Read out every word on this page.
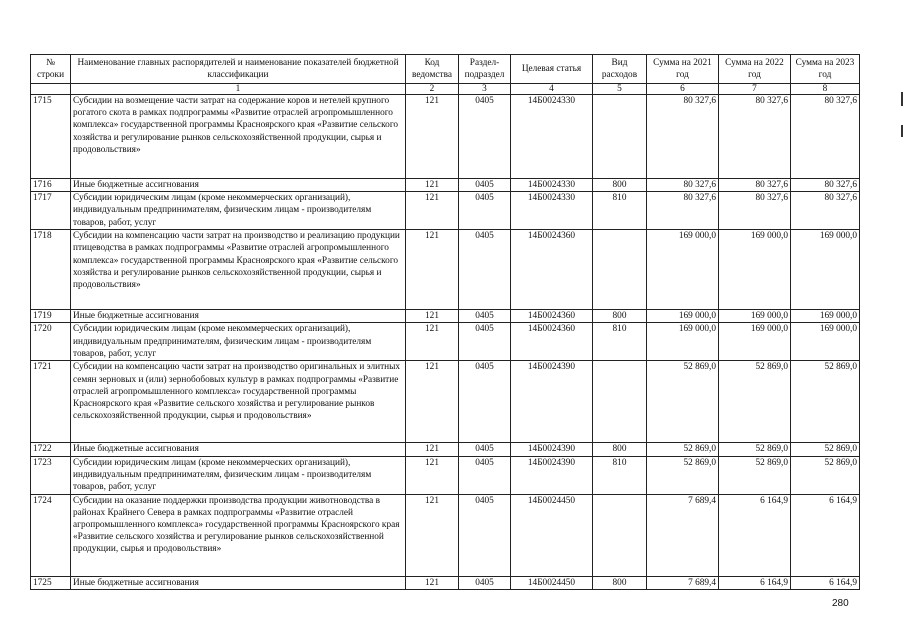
№ строки	Наименование главных распорядителей и наименование показателей бюджетной классификации	Код ведомства	Раздел-подраздел	Целевая статья	Вид расходов	Сумма на 2021 год	Сумма на 2022 год	Сумма на 2023 год
	1	2	3	4	5	6	7	8
1715	Субсидии на возмещение части затрат на содержание коров и нетелей крупного рогатого скота в рамках подпрограммы «Развитие отраслей агропромышленного комплекса» государственной программы Красноярского края «Развитие сельского хозяйства и регулирование рынков сельскохозяйственной продукции, сырья и продовольствия»	121	0405	14Б0024330		80 327,6	80 327,6	80 327,6
1716	Иные бюджетные ассигнования	121	0405	14Б0024330	800	80 327,6	80 327,6	80 327,6
1717	Субсидии юридическим лицам (кроме некоммерческих организаций), индивидуальным предпринимателям, физическим лицам - производителям товаров, работ, услуг	121	0405	14Б0024330	810	80 327,6	80 327,6	80 327,6
1718	Субсидии на компенсацию части затрат на производство и реализацию продукции птицеводства в рамках подпрограммы «Развитие отраслей агропромышленного комплекса» государственной программы Красноярского края «Развитие сельского хозяйства и регулирование рынков сельскохозяйственной продукции, сырья и продовольствия»	121	0405	14Б0024360		169 000,0	169 000,0	169 000,0
1719	Иные бюджетные ассигнования	121	0405	14Б0024360	800	169 000,0	169 000,0	169 000,0
1720	Субсидии юридическим лицам (кроме некоммерческих организаций), индивидуальным предпринимателям, физическим лицам - производителям товаров, работ, услуг	121	0405	14Б0024360	810	169 000,0	169 000,0	169 000,0
1721	Субсидии на компенсацию части затрат на производство оригинальных и элитных семян зерновых и (или) зернобобовых культур в рамках подпрограммы «Развитие отраслей агропромышленного комплекса» государственной программы Красноярского края «Развитие сельского хозяйства и регулирование рынков сельскохозяйственной продукции, сырья и продовольствия»	121	0405	14Б0024390		52 869,0	52 869,0	52 869,0
1722	Иные бюджетные ассигнования	121	0405	14Б0024390	800	52 869,0	52 869,0	52 869,0
1723	Субсидии юридическим лицам (кроме некоммерческих организаций), индивидуальным предпринимателям, физическим лицам - производителям товаров, работ, услуг	121	0405	14Б0024390	810	52 869,0	52 869,0	52 869,0
1724	Субсидии на оказание поддержки производства продукции животноводства в районах Крайнего Севера в рамках подпрограммы «Развитие отраслей агропромышленного комплекса» государственной программы Красноярского края «Развитие сельского хозяйства и регулирование рынков сельскохозяйственной продукции, сырья и продовольствия»	121	0405	14Б0024450		7 689,4	6 164,9	6 164,9
1725	Иные бюджетные ассигнования	121	0405	14Б0024450	800	7 689,4	6 164,9	6 164,9
280
